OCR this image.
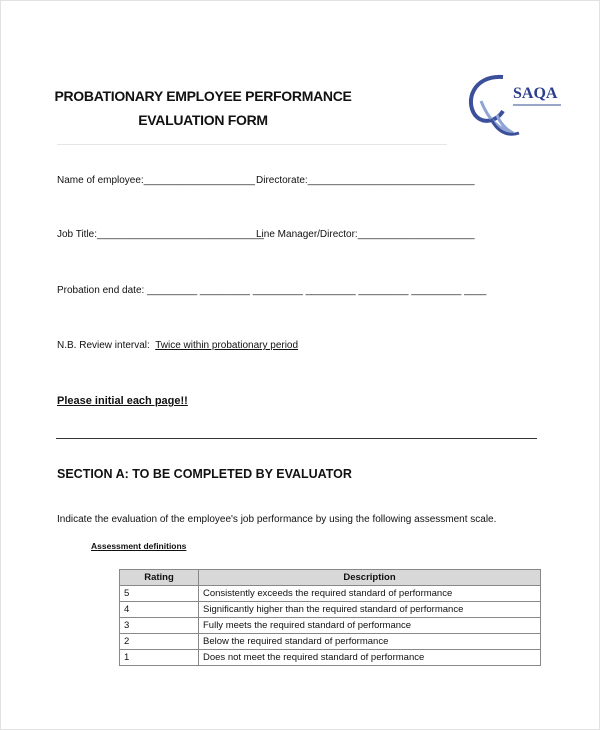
PROBATIONARY EMPLOYEE PERFORMANCE
EVALUATION FORM
SAQA
Name of employee:____________________ Directorate:______________________________
Job Title:______________________________
Line Manager/Director:_____________________
Probation end date: _________ _________ _________ _________ _________ _________ ____
N.B. Review interval: Twice within probationary period
Please initial each page!!
SECTION A: TO BE COMPLETED BY EVALUATOR
Indicate the evaluation of the employee's job performance by using the following assessment scale.
Assessment definitions
Rating	Description
5	Consistently exceeds the required standard of performance
4	Significantly higher than the required standard of performance
3	Fully meets the required standard of performance
2	Below the required standard of performance
1	Does not meet the required standard of performance
